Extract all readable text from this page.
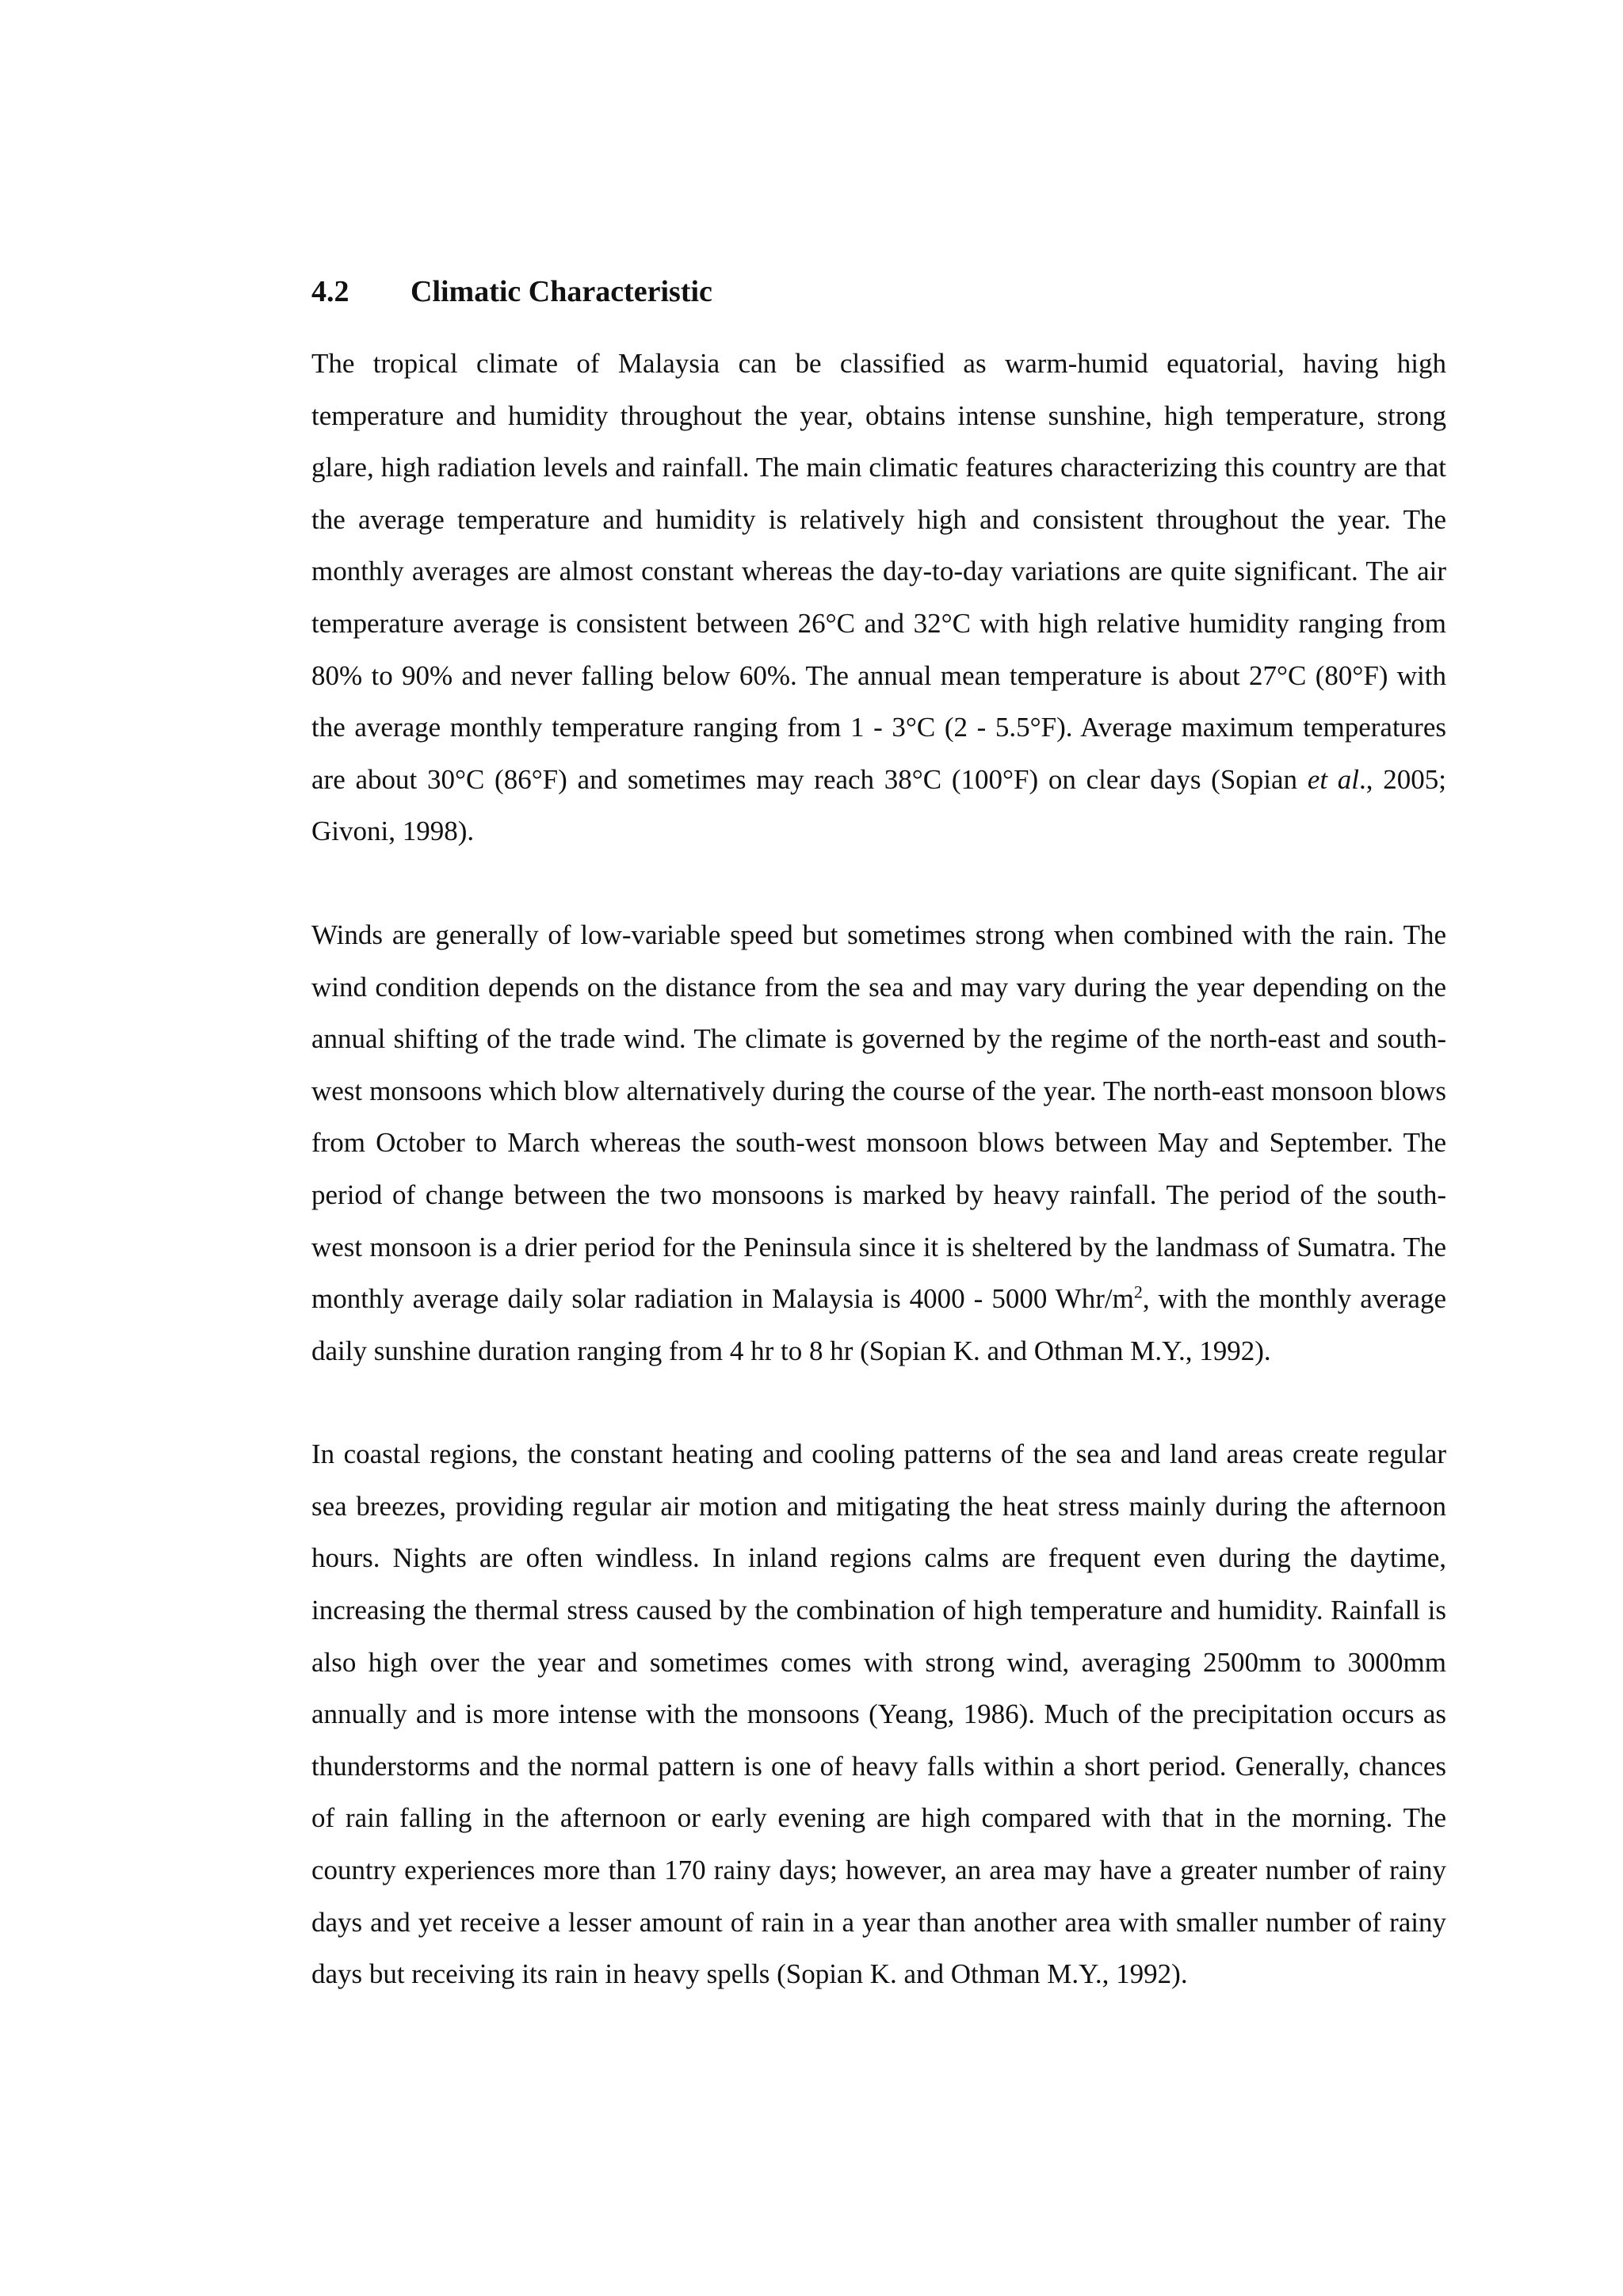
4.2 Climatic Characteristic

The tropical climate of Malaysia can be classified as warm-humid equatorial, having high temperature and humidity throughout the year, obtains intense sunshine, high temperature, strong glare, high radiation levels and rainfall. The main climatic features characterizing this country are that the average temperature and humidity is relatively high and consistent throughout the year. The monthly averages are almost constant whereas the day-to-day variations are quite significant. The air temperature average is consistent between 26°C and 32°C with high relative humidity ranging from 80% to 90% and never falling below 60%. The annual mean temperature is about 27°C (80°F) with the average monthly temperature ranging from 1 - 3°C (2 - 5.5°F). Average maximum temperatures are about 30°C (86°F) and sometimes may reach 38°C (100°F) on clear days (Sopian et al., 2005; Givoni, 1998).

Winds are generally of low-variable speed but sometimes strong when combined with the rain. The wind condition depends on the distance from the sea and may vary during the year depending on the annual shifting of the trade wind. The climate is governed by the regime of the north-east and south-west monsoons which blow alternatively during the course of the year. The north-east monsoon blows from October to March whereas the south-west monsoon blows between May and September. The period of change between the two monsoons is marked by heavy rainfall. The period of the south-west monsoon is a drier period for the Peninsula since it is sheltered by the landmass of Sumatra. The monthly average daily solar radiation in Malaysia is 4000 - 5000 Whr/$m^2$, with the monthly average daily sunshine duration ranging from 4 hr to 8 hr (Sopian K. and Othman M.Y., 1992).

In coastal regions, the constant heating and cooling patterns of the sea and land areas create regular sea breezes, providing regular air motion and mitigating the heat stress mainly during the afternoon hours. Nights are often windless. In inland regions calms are frequent even during the daytime, increasing the thermal stress caused by the combination of high temperature and humidity. Rainfall is also high over the year and sometimes comes with strong wind, averaging 2500mm to 3000mm annually and is more intense with the monsoons (Yeang, 1986). Much of the precipitation occurs as thunderstorms and the normal pattern is one of heavy falls within a short period. Generally, chances of rain falling in the afternoon or early evening are high compared with that in the morning. The country experiences more than 170 rainy days; however, an area may have a greater number of rainy days and yet receive a lesser amount of rain in a year than another area with smaller number of rainy days but receiving its rain in heavy spells (Sopian K. and Othman M.Y., 1992).
